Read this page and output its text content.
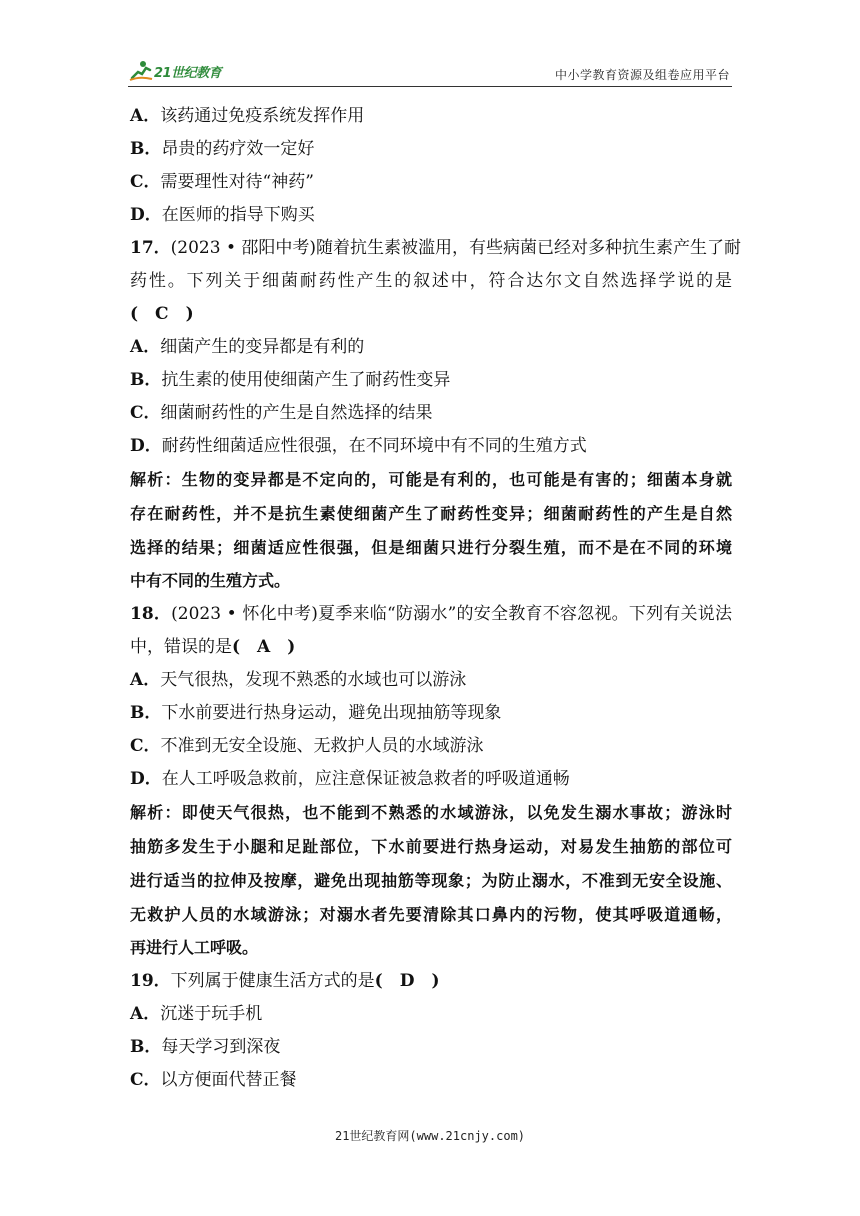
21世纪教育	中小学教育资源及组卷应用平台
A．该药通过免疫系统发挥作用
B．昂贵的药疗效一定好
C．需要理性对待“神药”
D．在医师的指导下购买
17．(2023 • 邵阳中考)随着抗生素被滥用，有些病菌已经对多种抗生素产生了耐
药性。下列关于细菌耐药性产生的叙述中，符合达尔文自然选择学说的是
(　C　)
A．细菌产生的变异都是有利的
B．抗生素的使用使细菌产生了耐药性变异
C．细菌耐药性的产生是自然选择的结果
D．耐药性细菌适应性很强，在不同环境中有不同的生殖方式
解析：生物的变异都是不定向的，可能是有利的，也可能是有害的；细菌本身就
存在耐药性，并不是抗生素使细菌产生了耐药性变异；细菌耐药性的产生是自然
选择的结果；细菌适应性很强，但是细菌只进行分裂生殖，而不是在不同的环境
中有不同的生殖方式。
18．(2023 • 怀化中考)夏季来临“防溺水”的安全教育不容忽视。下列有关说法
中，错误的是(　A　)
A．天气很热，发现不熟悉的水域也可以游泳
B．下水前要进行热身运动，避免出现抽筋等现象
C．不准到无安全设施、无救护人员的水域游泳
D．在人工呼吸急救前，应注意保证被急救者的呼吸道通畅
解析：即使天气很热，也不能到不熟悉的水域游泳，以免发生溺水事故；游泳时
抽筋多发生于小腿和足趾部位，下水前要进行热身运动，对易发生抽筋的部位可
进行适当的拉伸及按摩，避免出现抽筋等现象；为防止溺水，不准到无安全设施、
无救护人员的水域游泳；对溺水者先要清除其口鼻内的污物，使其呼吸道通畅，
再进行人工呼吸。
19．下列属于健康生活方式的是(　D　)
A．沉迷于玩手机
B．每天学习到深夜
C．以方便面代替正餐
21世纪教育网(www.21cnjy.com)
